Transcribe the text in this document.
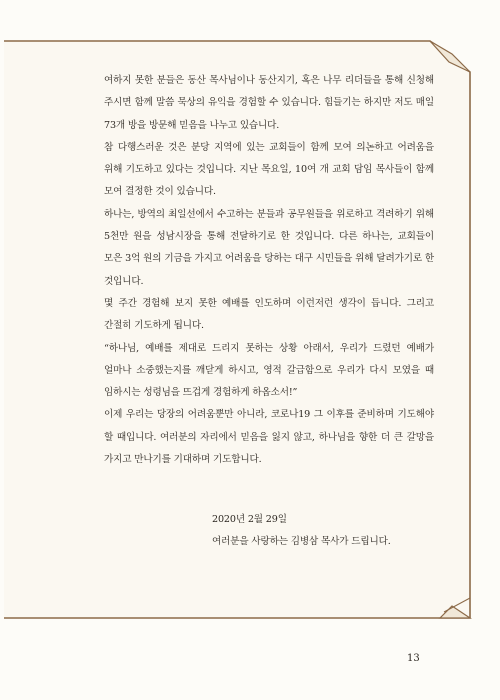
여하지 못한 분들은 동산 목사님이나 동산지기, 혹은 나무 리더들을 통해 신청해 주시면 함께 말씀 묵상의 유익을 경험할 수 있습니다. 힘들기는 하지만 저도 매일 73개 방을 방문해 믿음을 나누고 있습니다.

참 다행스러운 것은 분당 지역에 있는 교회들이 함께 모여 의논하고 어려움을 위해 기도하고 있다는 것입니다. 지난 목요일, 10여 개 교회 담임 목사들이 함께 모여 결정한 것이 있습니다.

하나는, 방역의 최일선에서 수고하는 분들과 공무원들을 위로하고 격려하기 위해 5천만 원을 성남시장을 통해 전달하기로 한 것입니다. 다른 하나는, 교회들이 모은 3억 원의 기금을 가지고 어려움을 당하는 대구 시민들을 위해 달려가기로 한 것입니다.

몇 주간 경험해 보지 못한 예배를 인도하며 이런저런 생각이 듭니다. 그리고 간절히 기도하게 됩니다.

“하나님, 예배를 제대로 드리지 못하는 상황 아래서, 우리가 드렸던 예배가 얼마나 소중했는지를 깨닫게 하시고, 영적 갈급함으로 우리가 다시 모였을 때 임하시는 성령님을 뜨겁게 경험하게 하옵소서!”

이제 우리는 당장의 어려움뿐만 아니라, 코로나19 그 이후를 준비하며 기도해야 할 때입니다. 여러분의 자리에서 믿음을 잃지 않고, 하나님을 향한 더 큰 갈망을 가지고 만나기를 기대하며 기도합니다.

2020년 2월 29일

여러분을 사랑하는 김병삼 목사가 드립니다.

13
